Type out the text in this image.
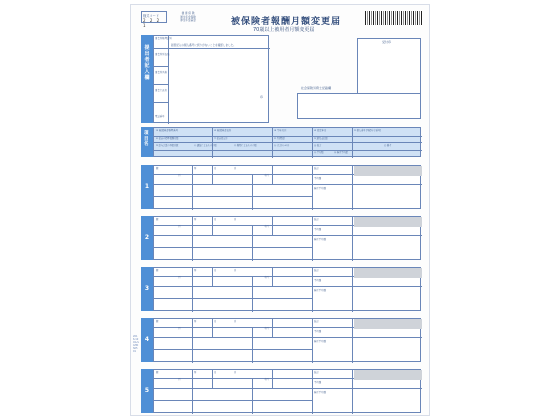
様式コード
2 2 2 1
健 康 保 険
厚生年金保険
厚生年金基金	被保険者報酬月額変更届
70歳以上被用者月額変更届
提出者記入欄
事業所整理記号
事業所所在地
事業所名称
事業主氏名
電話番号
印
届書記入の個人番号に誤りがないことを確認しました。
受付印
社会保険労務士記載欄
項目名
① 被保険者整理番号	② 被保険者氏名	③ 生年月日	④ 改定年月	⑤ 個人番号 [基礎年金番号]
⑥ 従前の標準報酬月額	⑦ 従前改定月	⑧ 昇(降)給	⑨ 遡及支払額
⑩ 給与計算の基礎日数	⑪ 通貨によるものの額	⑫ 現物によるものの額	⑬ 合計(⑪+⑫)	⑭ 総計
⑮ 平均額	⑯ 修正平均額
⑰ 備考
1
健	厚
円	千円
月	日	総計
平均額
修正平均額
2
健	厚
円	千円
月	日	総計
平均額
修正平均額
3
健	厚
円	千円
月	日	総計
平均額
修正平均額
4
健	厚
円	千円
月	日	総計
平均額
修正平均額
5
健	厚
円	千円
月	日	総計
平均額
修正平均額
2016.10 OA-SGHKS0501
